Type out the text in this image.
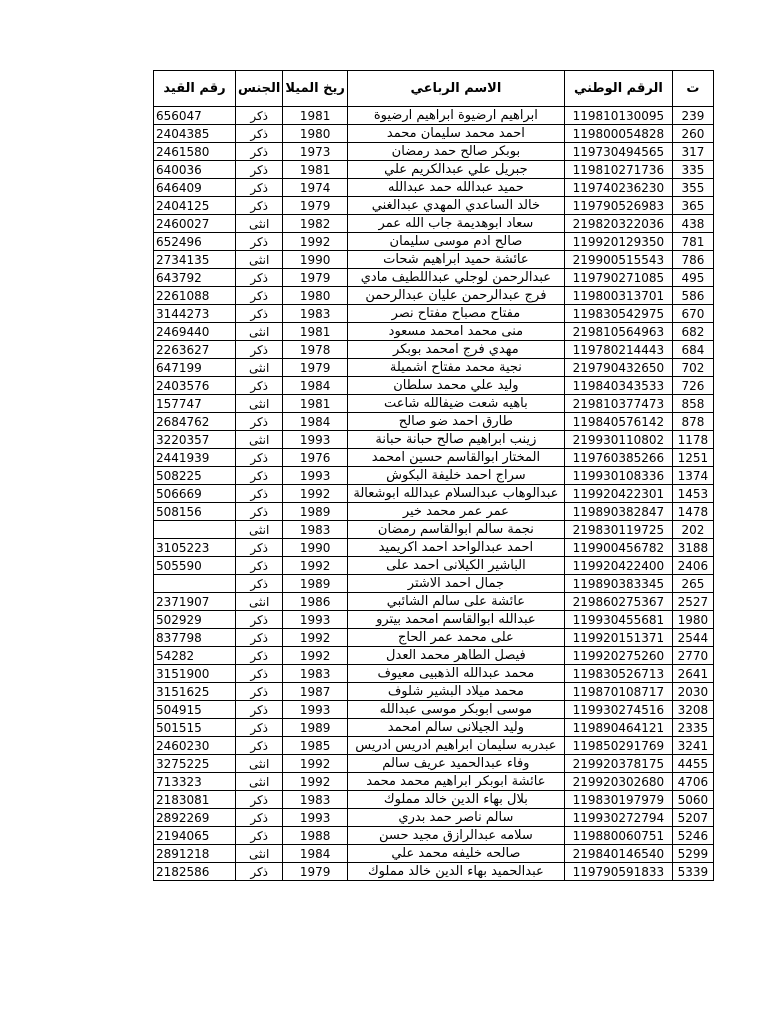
ت	الرقم الوطني	الاسم الرباعي	ريخ الميلا	الجنس	رقم القيد
239	119810130095	ابراهيم ارضيوة ابراهيم ارضيوة	1981	ذكر	656047
260	119800054828	احمد محمد سليمان محمد	1980	ذكر	2404385
317	119730494565	بوبكر صالح حمد رمضان	1973	ذكر	2461580
335	119810271736	جبريل علي عبدالكريم علي	1981	ذكر	640036
355	119740236230	حميد عبدالله حمد عبدالله	1974	ذكر	646409
365	119790526983	خالد الساعدي المهدي عبدالغني	1979	ذكر	2404125
438	219820322036	سعاد ابوهديمة جاب الله عمر	1982	انثى	2460027
781	119920129350	صالح ادم موسى سليمان	1992	ذكر	652496
786	219900515543	عائشة حميد ابراهيم شحات	1990	انثى	2734135
495	119790271085	عبدالرحمن لوجلي عبداللطيف مادي	1979	ذكر	643792
586	119800313701	فرج عبدالرحمن عليان عبدالرحمن	1980	ذكر	2261088
670	119830542975	مفتاح مصباح مفتاح نصر	1983	ذكر	3144273
682	219810564963	منى محمد امحمد مسعود	1981	انثى	2469440
684	119780214443	مهدي فرج امحمد بوبكر	1978	ذكر	2263627
702	219790432650	نجية محمد مفتاح اشميلة	1979	انثى	647199
726	119840343533	وليد علي محمد سلطان	1984	ذكر	2403576
858	219810377473	باهيه شعت ضيفالله شاعت	1981	انثى	157747
878	119840576142	طارق احمد ضو صالح	1984	ذكر	2684762
1178	219930110802	زينب ابراهيم صالح حبانة حبانة	1993	انثى	3220357
1251	119760385266	المختار ابوالقاسم حسين امحمد	1976	ذكر	2441939
1374	119930108336	سراج احمد خليفة البكوش	1993	ذكر	508225
1453	119920422301	عبدالوهاب عبدالسلام عبدالله ابوشعالة	1992	ذكر	506669
1478	119890382847	عمر عمر محمد خير	1989	ذكر	508156
202	219830119725	نجمة سالم ابوالقاسم رمضان	1983	انثى	
3188	119900456782	احمد عبدالواحد احمد اكريميد	1990	ذكر	3105223
2406	119920422400	الباشير الكيلانى احمد على	1992	ذكر	505590
265	119890383345	جمال احمد الاشتر	1989	ذكر	
2527	219860275367	عائشة على سالم الشائبي	1986	انثى	2371907
1980	119930455681	عبدالله ابوالقاسم امحمد بيترو	1993	ذكر	502929
2544	119920151371	على محمد عمر الحاج	1992	ذكر	837798
2770	119920275260	فيصل الطاهر محمد العدل	1992	ذكر	54282
2641	119830526713	محمد عبدالله الذهبيى معيوف	1983	ذكر	3151900
2030	119870108717	محمد ميلاد البشير شلوف	1987	ذكر	3151625
3208	119930274516	موسى ابوبكر موسى عبدالله	1993	ذكر	504915
2335	119890464121	وليد الجيلانى سالم امحمد	1989	ذكر	501515
3241	119850291769	عبدربه سليمان ابراهيم ادريس ادريس	1985	ذكر	2460230
4455	219920378175	وفاء عبدالحميد عريف سالم	1992	انثى	3275225
4706	219920302680	عائشة ابوبكر ابراهيم محمد محمد	1992	انثى	713323
5060	119830197979	بلال بهاء الدين خالد مملوك	1983	ذكر	2183081
5207	119930272794	سالم ناصر حمد بدري	1993	ذكر	2892269
5246	119880060751	سلامه عبدالرازق مجيد حسن	1988	ذكر	2194065
5299	219840146540	صالحه خليفه محمد علي	1984	انثى	2891218
5339	119790591833	عبدالحميد بهاء الدين خالد مملوك	1979	ذكر	2182586
